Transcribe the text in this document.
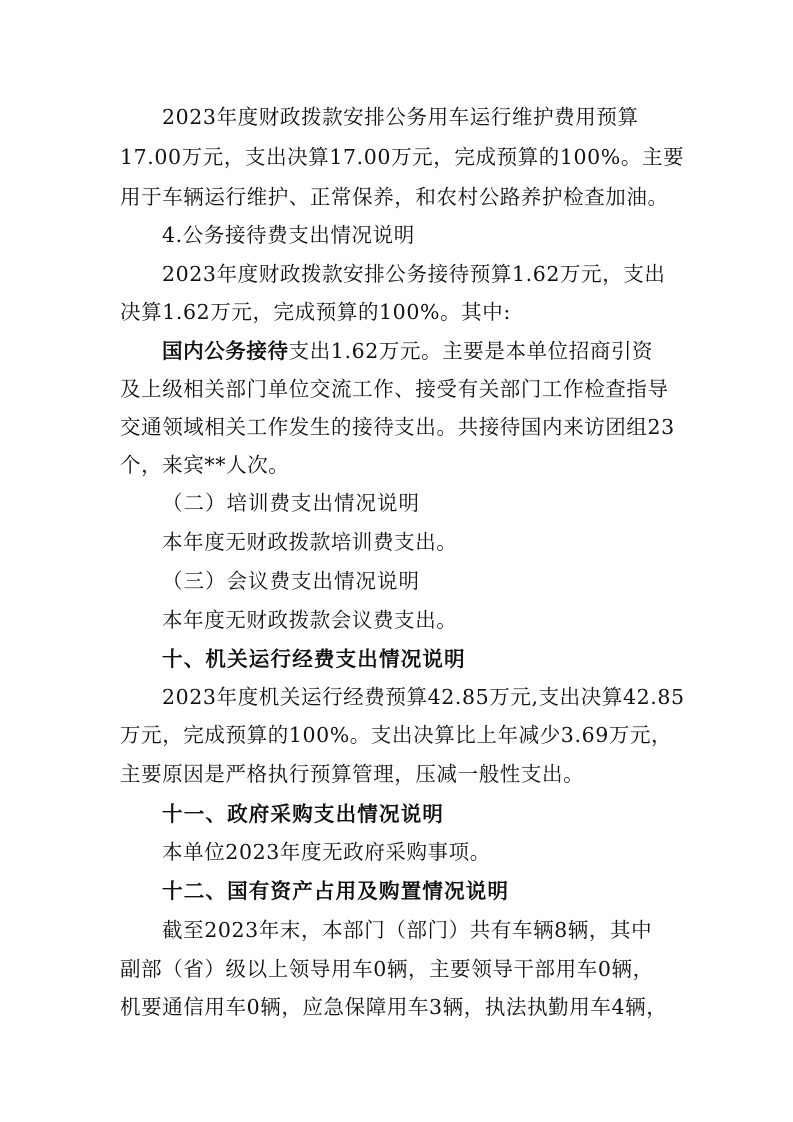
2023年度财政拨款安排公务用车运行维护费用预算
17.00万元，支出决算17.00万元，完成预算的100%。主要
用于车辆运行维护、正常保养，和农村公路养护检查加油。
4.公务接待费支出情况说明
2023年度财政拨款安排公务接待预算1.62万元，支出
决算1.62万元，完成预算的100%。其中:
国内公务接待支出1.62万元。主要是本单位招商引资
及上级相关部门单位交流工作、接受有关部门工作检查指导
交通领域相关工作发生的接待支出。共接待国内来访团组23
个，来宾**人次。
（二）培训费支出情况说明
本年度无财政拨款培训费支出。
（三）会议费支出情况说明
本年度无财政拨款会议费支出。
十、机关运行经费支出情况说明
2023年度机关运行经费预算42.85万元,支出决算42.85
万元，完成预算的100%。支出决算比上年减少3.69万元，
主要原因是严格执行预算管理，压减一般性支出。
十一、政府采购支出情况说明
本单位2023年度无政府采购事项。
十二、国有资产占用及购置情况说明
截至2023年末，本部门（部门）共有车辆8辆，其中
副部（省）级以上领导用车0辆，主要领导干部用车0辆，
机要通信用车0辆，应急保障用车3辆，执法执勤用车4辆，
